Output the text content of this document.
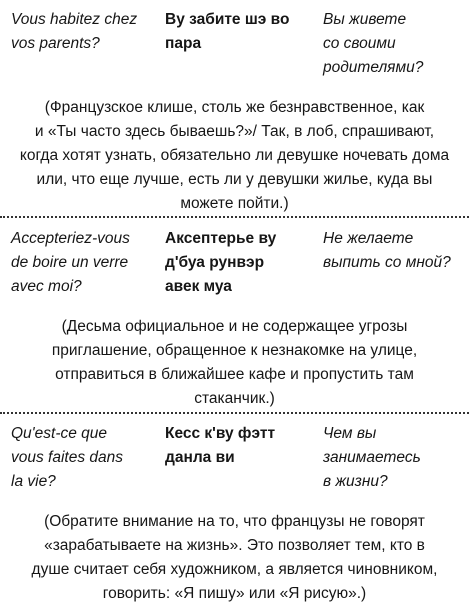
Vous habitez chez
vos parents?
Ву забите шэ во
пара
Вы живете
со своими
родителями?
(Французское клише, столь же безнравственное, как
и «Ты часто здесь бываешь?»/ Так, в лоб, спрашивают,
когда хотят узнать, обязательно ли девушке ночевать дома
или, что еще лучше, есть ли у девушки жилье, куда вы
можете пойти.)
Accepteriez-vous
de boire un verre
avec moi?
Аксептерье ву
д'буа рунвэр
авек муа
Не желаете
выпить со мной?
(Десьма официальное и не содержащее угрозы
приглашение, обращенное к незнакомке на улице,
отправиться в ближайшее кафе и пропустить там
стаканчик.)
Qu'est-ce que
vous faites dans
la vie?
Кесс к'ву фэтт
данла ви
Чем вы
занимаетесь
в жизни?
(Обратите внимание на то, что французы не говорят
«зарабатываете на жизнь». Это позволяет тем, кто в
душе считает себя художником, а является чиновником,
говорить: «Я пишу» или «Я рисую».)
